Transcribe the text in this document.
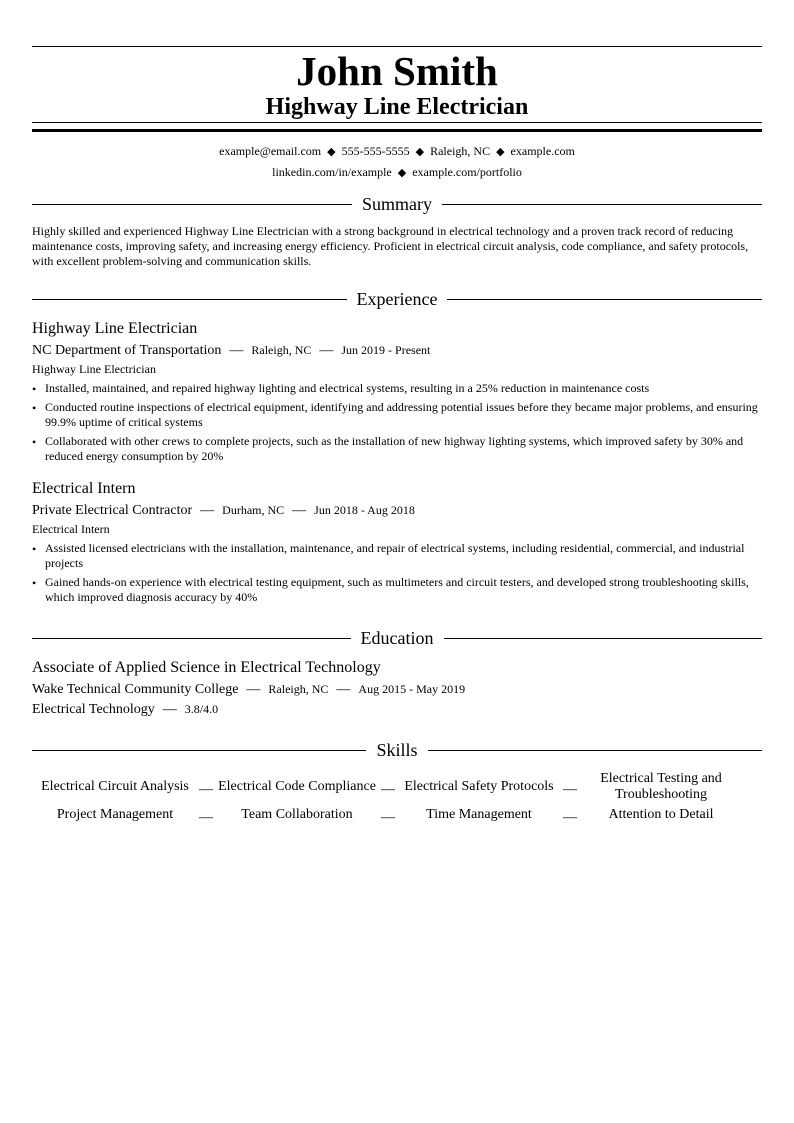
John Smith
Highway Line Electrician
example@email.com ◆ 555-555-5555 ◆ Raleigh, NC ◆ example.com
linkedin.com/in/example ◆ example.com/portfolio
Summary
Highly skilled and experienced Highway Line Electrician with a strong background in electrical technology and a proven track record of reducing maintenance costs, improving safety, and increasing energy efficiency. Proficient in electrical circuit analysis, code compliance, and safety protocols, with excellent problem-solving and communication skills.
Experience
Highway Line Electrician
NC Department of Transportation — Raleigh, NC — Jun 2019 - Present
Highway Line Electrician
• Installed, maintained, and repaired highway lighting and electrical systems, resulting in a 25% reduction in maintenance costs
• Conducted routine inspections of electrical equipment, identifying and addressing potential issues before they became major problems, and ensuring 99.9% uptime of critical systems
• Collaborated with other crews to complete projects, such as the installation of new highway lighting systems, which improved safety by 30% and reduced energy consumption by 20%
Electrical Intern
Private Electrical Contractor — Durham, NC — Jun 2018 - Aug 2018
Electrical Intern
• Assisted licensed electricians with the installation, maintenance, and repair of electrical systems, including residential, commercial, and industrial projects
• Gained hands-on experience with electrical testing equipment, such as multimeters and circuit testers, and developed strong troubleshooting skills, which improved diagnosis accuracy by 40%
Education
Associate of Applied Science in Electrical Technology
Wake Technical Community College — Raleigh, NC — Aug 2015 - May 2019
Electrical Technology — 3.8/4.0
Skills
Electrical Circuit Analysis — Electrical Code Compliance — Electrical Safety Protocols —
Electrical Testing and Troubleshooting
Project Management	—	Team Collaboration	—	Time Management	—	Attention to Detail
